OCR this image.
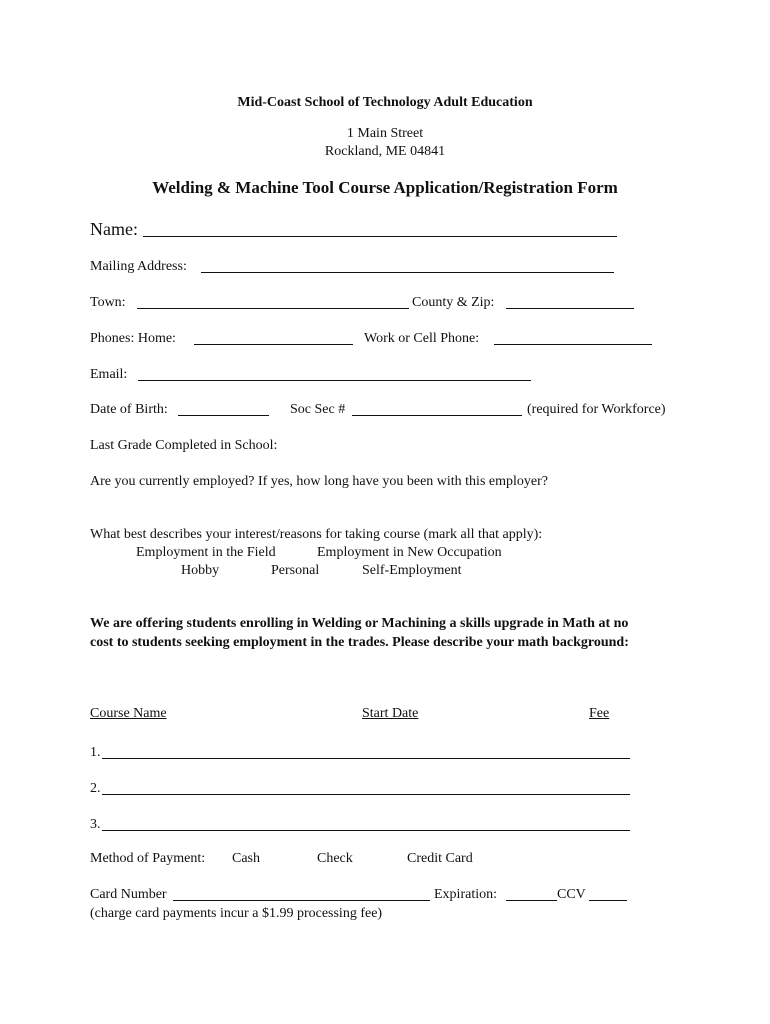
Mid-Coast School of Technology Adult Education
1 Main Street
Rockland, ME 04841
Welding & Machine Tool Course Application/Registration Form
Name:
Mailing Address:
Town:	County & Zip:
Phones: Home:	Work or Cell Phone:
Email:
Date of Birth:	Soc Sec #	(required for Workforce)
Last Grade Completed in School:
Are you currently employed? If yes, how long have you been with this employer?
What best describes your interest/reasons for taking course (mark all that apply):
Employment in the Field	Employment in New Occupation
Hobby	Personal	Self-Employment
We are offering students enrolling in Welding or Machining a skills upgrade in Math at no
cost to students seeking employment in the trades. Please describe your math background:
Course Name	Start Date	Fee
1.
2.
3.
Method of Payment: Cash	Check	Credit Card
Card Number	Expiration:	CCV
(charge card payments incur a $1.99 processing fee)
